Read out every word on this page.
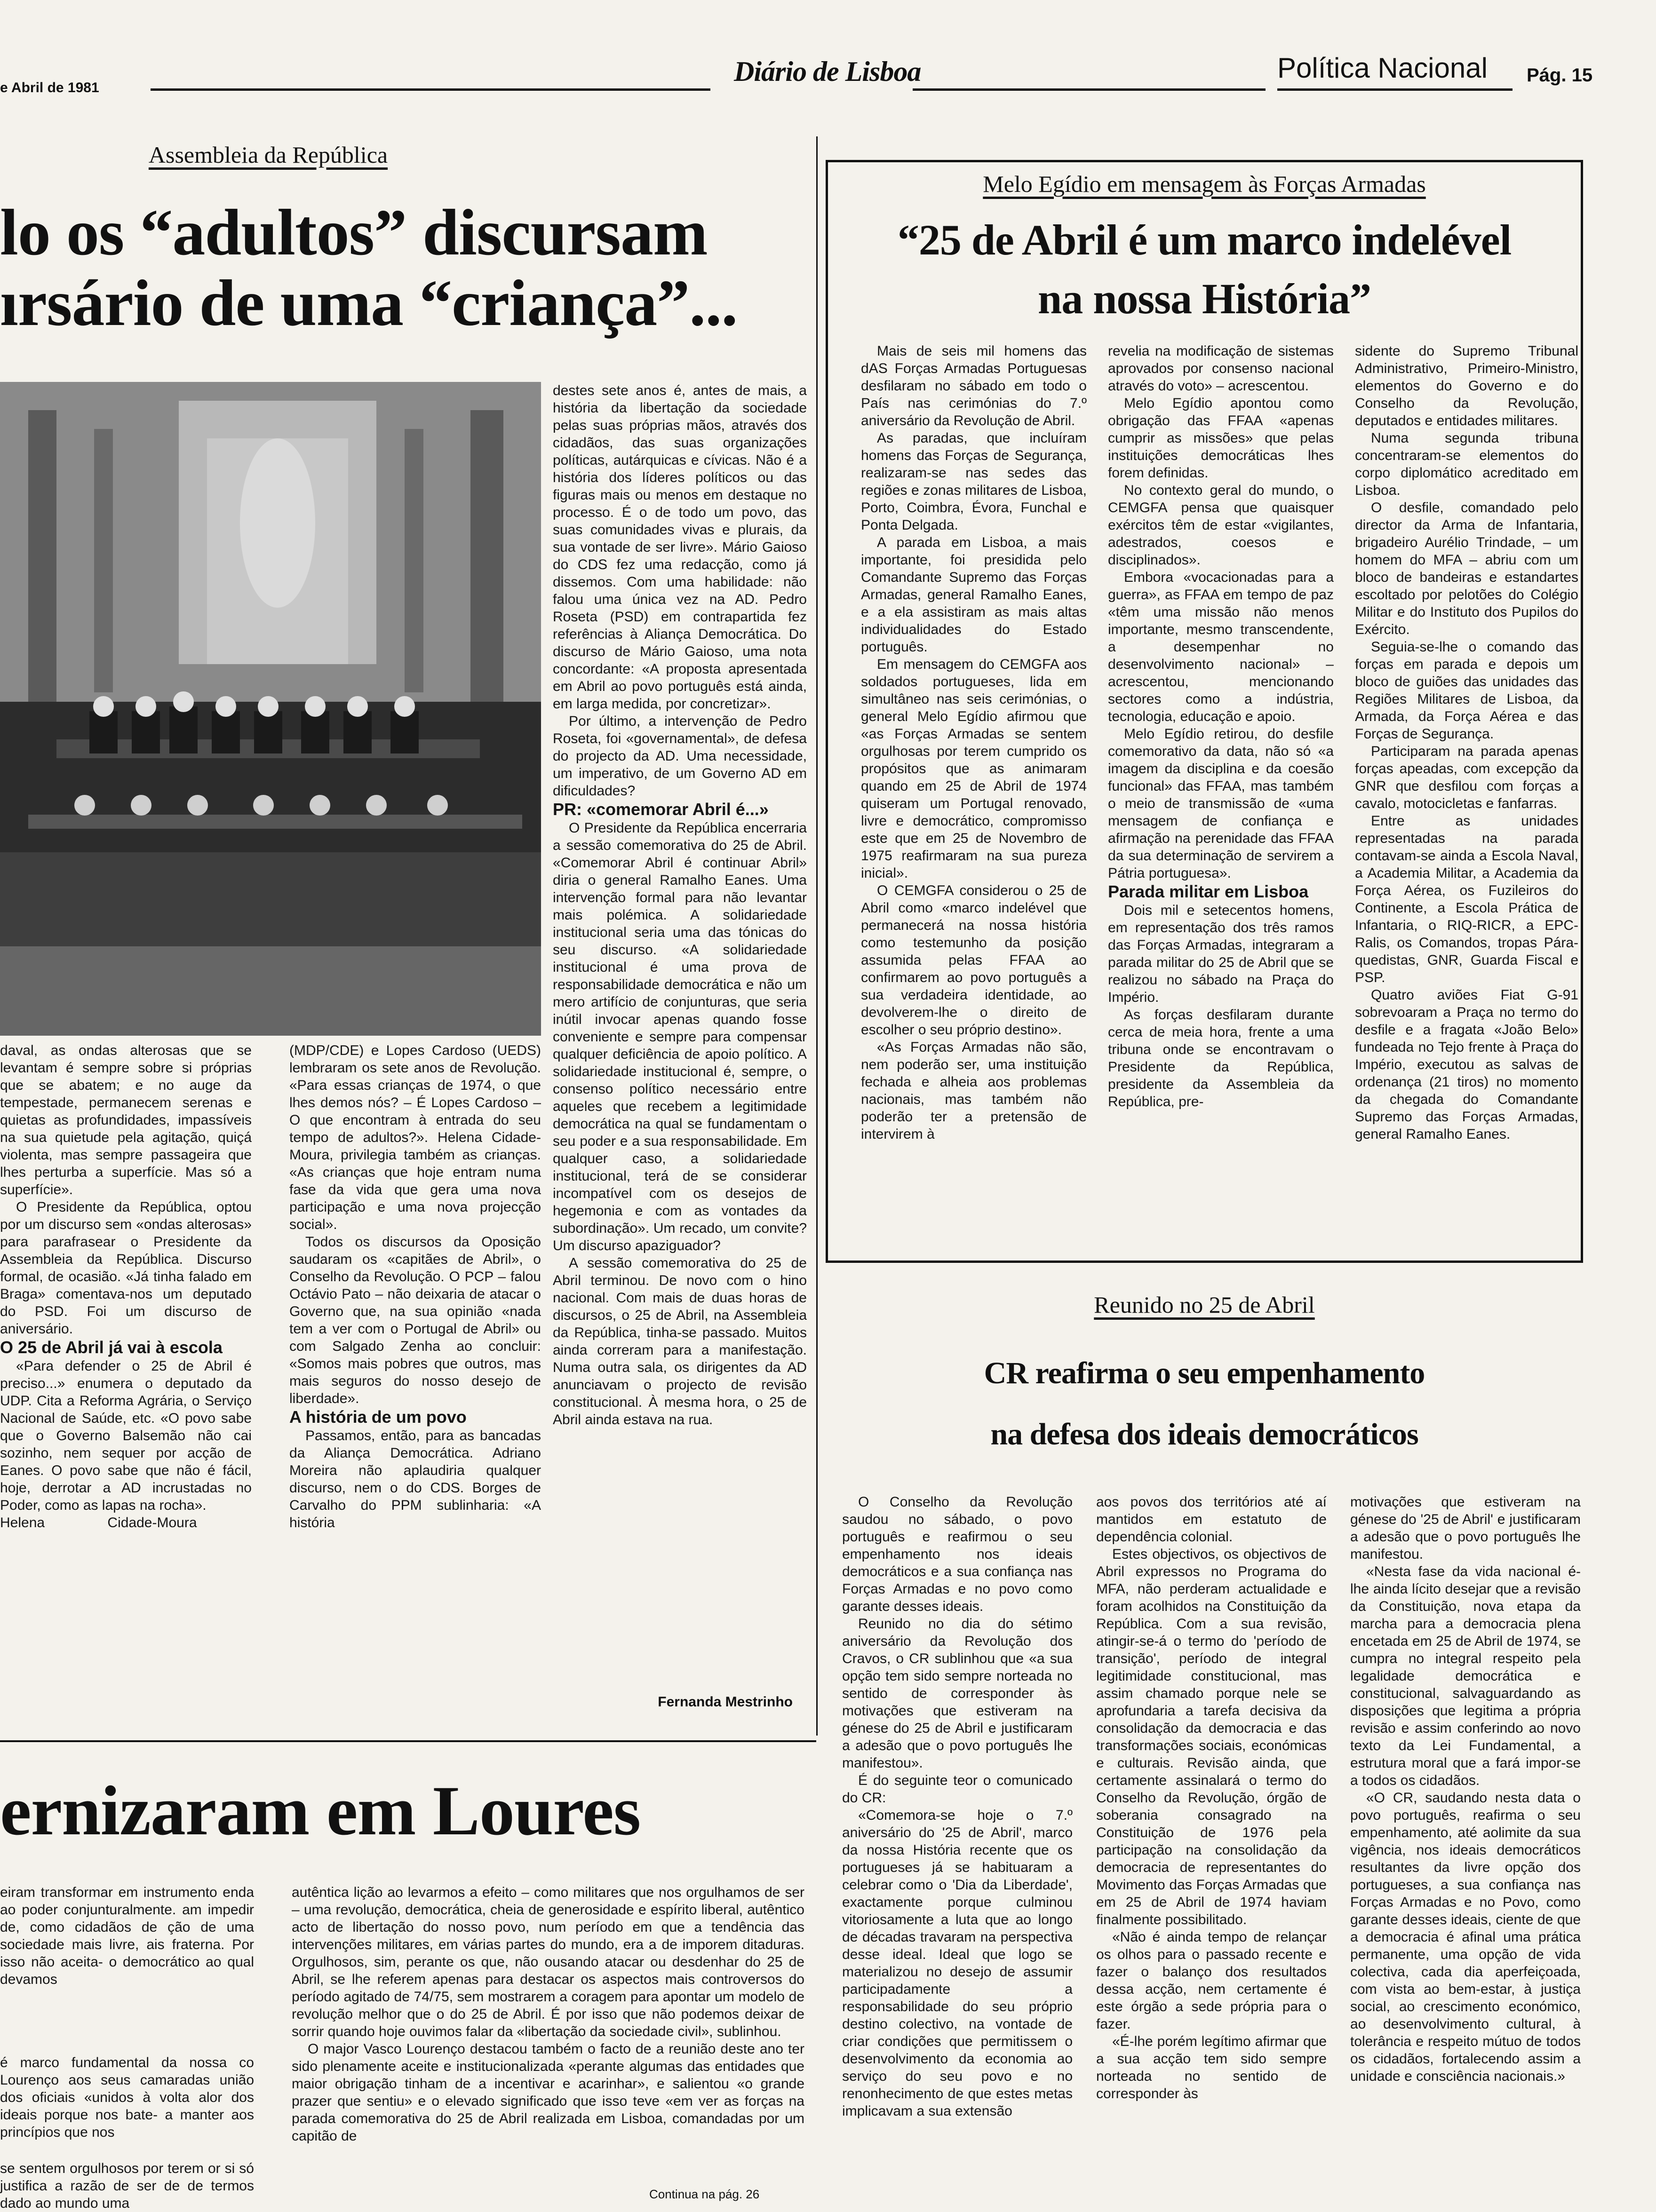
e Abril de 1981
Diário de Lisboa	Política Nacional Pág. 15
Assembleia da República
lo os “adultos” discursam
ırsário de uma “criança”...

daval, as ondas alterosas que se levantam é sempre sobre si próprias que se abatem; e no auge da tempestade, permanecem serenas e quietas as profundidades, impassíveis na sua quietude pela agitação, quiçá violenta, mas sempre passageira que lhes perturba a superfície. Mas só a superfície».

O Presidente da República, optou por um discurso sem «ondas alterosas» para parafrasear o Presidente da Assembleia da República. Discurso formal, de ocasião. «Já tinha falado em Braga» comentava-nos um deputado do PSD. Foi um discurso de aniversário.

O 25 de Abril já vai à escola

«Para defender o 25 de Abril é preciso...» enumera o deputado da UDP. Cita a Reforma Agrária, o Serviço Nacional de Saúde, etc. «O povo sabe que o Governo Balsemão não cai sozinho, nem sequer por acção de Eanes. O povo sabe que não é fácil, hoje, derrotar a AD incrustadas no Poder, como as lapas na rocha».

Helena                Cidade-Moura

(MDP/CDE) e Lopes Cardoso (UEDS) lembraram os sete anos de Revolução. «Para essas crianças de 1974, o que lhes demos nós? – É Lopes Cardoso – O que encontram à entrada do seu tempo de adultos?». Helena Cidade-Moura, privilegia também as crianças. «As crianças que hoje entram numa fase da vida que gera uma nova participação e uma nova projecção social».

Todos os discursos da Oposição saudaram os «capitães de Abril», o Conselho da Revolução. O PCP – falou Octávio Pato – não deixaria de atacar o Governo que, na sua opinião «nada tem a ver com o Portugal de Abril» ou com Salgado Zenha ao concluir: «Somos mais pobres que outros, mas mais seguros do nosso desejo de liberdade».

A história de um povo

Passamos, então, para as bancadas da Aliança Democrática. Adriano Moreira não aplaudiria qualquer discurso, nem o do CDS. Borges de Carvalho do PPM sublinharia: «A história

destes sete anos é, antes de mais, a história da libertação da sociedade pelas suas próprias mãos, através dos cidadãos, das suas organizações políticas, autárquicas e cívicas. Não é a história dos líderes políticos ou das figuras mais ou menos em destaque no processo. É o de todo um povo, das suas comunidades vivas e plurais, da sua vontade de ser livre». Mário Gaioso do CDS fez uma redacção, como já dissemos. Com uma habilidade: não falou uma única vez na AD. Pedro Roseta (PSD) em contrapartida fez referências à Aliança Democrática. Do discurso de Mário Gaioso, uma nota concordante: «A proposta apresentada em Abril ao povo português está ainda, em larga medida, por concretizar».

Por último, a intervenção de Pedro Roseta, foi «governamental», de defesa do projecto da AD. Uma necessidade, um imperativo, de um Governo AD em dificuldades?

PR: «comemorar Abril é...»

O Presidente da República encerraria a sessão comemorativa do 25 de Abril. «Comemorar Abril é continuar Abril» diria o general Ramalho Eanes. Uma intervenção formal para não levantar mais polémica. A solidariedade institucional seria uma das tónicas do seu discurso. «A solidariedade institucional é uma prova de responsabilidade democrática e não um mero artifício de conjunturas, que seria inútil invocar apenas quando fosse conveniente e sempre para compensar qualquer deficiência de apoio político. A solidariedade institucional é, sempre, o consenso político necessário entre aqueles que recebem a legitimidade democrática na qual se fundamentam o seu poder e a sua responsabilidade. Em qualquer caso, a solidariedade institucional, terá de se considerar incompatível com os desejos de hegemonia e com as vontades da subordinação». Um recado, um convite? Um discurso apaziguador?

A sessão comemorativa do 25 de Abril terminou. De novo com o hino nacional. Com mais de duas horas de discursos, o 25 de Abril, na Assembleia da República, tinha-se passado. Muitos ainda correram para a manifestação. Numa outra sala, os dirigentes da AD anunciavam o projecto de revisão constitucional. À mesma hora, o 25 de Abril ainda estava na rua.

Fernanda Mestrinho
Melo Egídio em mensagem às Forças Armadas
“25 de Abril é um marco indelével
na nossa História”

Mais de seis mil homens das dAS Forças Armadas Portuguesas desfilaram no sábado em todo o País nas cerimónias do 7.º aniversário da Revolução de Abril.

As paradas, que incluíram homens das Forças de Segurança, realizaram-se nas sedes das regiões e zonas militares de Lisboa, Porto, Coimbra, Évora, Funchal e Ponta Delgada.

A parada em Lisboa, a mais importante, foi presidida pelo Comandante Supremo das Forças Armadas, general Ramalho Eanes, e a ela assistiram as mais altas individualidades do Estado português.

Em mensagem do CEMGFA aos soldados portugueses, lida em simultâneo nas seis cerimónias, o general Melo Egídio afirmou que «as Forças Armadas se sentem orgulhosas por terem cumprido os propósitos que as animaram quando em 25 de Abril de 1974 quiseram um Portugal renovado, livre e democrático, compromisso este que em 25 de Novembro de 1975 reafirmaram na sua pureza inicial».

O CEMGFA considerou o 25 de Abril como «marco indelével que permanecerá na nossa história como testemunho da posição assumida pelas FFAA ao confirmarem ao povo português a sua verdadeira identidade, ao devolverem-lhe o direito de escolher o seu próprio destino».

«As Forças Armadas não são, nem poderão ser, uma instituição fechada e alheia aos problemas nacionais, mas também não poderão ter a pretensão de intervirem à

revelia na modificação de sistemas aprovados por consenso nacional através do voto» – acrescentou.

Melo Egídio apontou como obrigação das FFAA «apenas cumprir as missões» que pelas instituições democráticas lhes forem definidas.

No contexto geral do mundo, o CEMGFA pensa que quaisquer exércitos têm de estar «vigilantes, adestrados, coesos e disciplinados».

Embora «vocacionadas para a guerra», as FFAA em tempo de paz «têm uma missão não menos importante, mesmo transcendente, a desempenhar no desenvolvimento nacional» – acrescentou, mencionando sectores como a indústria, tecnologia, educação e apoio.

Melo Egídio retirou, do desfile comemorativo da data, não só «a imagem da disciplina e da coesão funcional» das FFAA, mas também o meio de transmissão de «uma mensagem de confiança e afirmação na perenidade das FFAA da sua determinação de servirem a Pátria portuguesa».

Parada militar em Lisboa

Dois mil e setecentos homens, em representação dos três ramos das Forças Armadas, integraram a parada militar do 25 de Abril que se realizou no sábado na Praça do Império.

As forças desfilaram durante cerca de meia hora, frente a uma tribuna onde se encontravam o Presidente da República, presidente da Assembleia da República, pre-

sidente do Supremo Tribunal Administrativo, Primeiro-Ministro, elementos do Governo e do Conselho da Revolução, deputados e entidades militares.

Numa segunda tribuna concentraram-se elementos do corpo diplomático acreditado em Lisboa.

O desfile, comandado pelo director da Arma de Infantaria, brigadeiro Aurélio Trindade, – um homem do MFA – abriu com um bloco de bandeiras e estandartes escoltado por pelotões do Colégio Militar e do Instituto dos Pupilos do Exército.

Seguia-se-lhe o comando das forças em parada e depois um bloco de guiões das unidades das Regiões Militares de Lisboa, da Armada, da Força Aérea e das Forças de Segurança.

Participaram na parada apenas forças apeadas, com excepção da GNR que desfilou com forças a cavalo, motocicletas e fanfarras.

Entre as unidades representadas na parada contavam-se ainda a Escola Naval, a Academia Militar, a Academia da Força Aérea, os Fuzileiros do Continente, a Escola Prática de Infantaria, o RIQ-RICR, a EPC-Ralis, os Comandos, tropas Pára-quedistas, GNR, Guarda Fiscal e PSP.

Quatro aviões Fiat G-91 sobrevoaram a Praça no termo do desfile e a fragata «João Belo» fundeada no Tejo frente à Praça do Império, executou as salvas de ordenança (21 tiros) no momento da chegada do Comandante Supremo das Forças Armadas, general Ramalho Eanes.

Reunido no 25 de Abril
CR reafirma o seu empenhamento
na defesa dos ideais democráticos

O Conselho da Revolução saudou no sábado, o povo português e reafirmou o seu empenhamento nos ideais democráticos e a sua confiança nas Forças Armadas e no povo como garante desses ideais.

Reunido no dia do sétimo aniversário da Revolução dos Cravos, o CR sublinhou que «a sua opção tem sido sempre norteada no sentido de corresponder às motivações que estiveram na génese do 25 de Abril e justificaram a adesão que o povo português lhe manifestou».

É do seguinte teor o comunicado do CR:

«Comemora-se hoje o 7.º aniversário do '25 de Abril', marco da nossa História recente que os portugueses já se habituaram a celebrar como o 'Dia da Liberdade', exactamente porque culminou vitoriosamente a luta que ao longo de décadas travaram na perspectiva desse ideal. Ideal que logo se materializou no desejo de assumir participadamente a responsabilidade do seu próprio destino colectivo, na vontade de criar condições que permitissem o desenvolvimento da economia ao serviço do seu povo e no renonhecimento de que estes metas implicavam a sua extensão

aos povos dos territórios até aí mantidos em estatuto de dependência colonial.

Estes objectivos, os objectivos de Abril expressos no Programa do MFA, não perderam actualidade e foram acolhidos na Constituição da República. Com a sua revisão, atingir-se-á o termo do 'período de transição', período de integral legitimidade constitucional, mas assim chamado porque nele se aprofundaria a tarefa decisiva da consolidação da democracia e das transformações sociais, económicas e culturais. Revisão ainda, que certamente assinalará o termo do Conselho da Revolução, órgão de soberania consagrado na Constituição de 1976 pela participação na consolidação da democracia de representantes do Movimento das Forças Armadas que em 25 de Abril de 1974 haviam finalmente possibilitado.

«Não é ainda tempo de relançar os olhos para o passado recente e fazer o balanço dos resultados dessa acção, nem certamente é este órgão a sede própria para o fazer.

«É-lhe porém legítimo afirmar que a sua acção tem sido sempre norteada no sentido de corresponder às

motivações que estiveram na génese do '25 de Abril' e justificaram a adesão que o povo português lhe manifestou.

«Nesta fase da vida nacional é-lhe ainda lícito desejar que a revisão da Constituição, nova etapa da marcha para a democracia plena encetada em 25 de Abril de 1974, se cumpra no integral respeito pela legalidade democrática e constitucional, salvaguardando as disposições que legitima a própria revisão e assim conferindo ao novo texto da Lei Fundamental, a estrutura moral que a fará impor-se a todos os cidadãos.

«O CR, saudando nesta data o povo português, reafirma o seu empenhamento, até aolimite da sua vigência, nos ideais democráticos resultantes da livre opção dos portugueses, a sua confiança nas Forças Armadas e no Povo, como garante desses ideais, ciente de que a democracia é afinal uma prática permanente, uma opção de vida colectiva, cada dia aperfeiçoada, com vista ao bem-estar, à justiça social, ao crescimento económico, ao desenvolvimento cultural, à tolerância e respeito mútuo de todos os cidadãos, fortalecendo assim a unidade e consciência nacionais.»

ernizaram em Loures

eiram transformar em instrumento enda ao poder conjunturalmente. am impedir de, como cidadãos de ção de uma sociedade mais livre, ais fraterna. Por isso não aceita- o democrático ao qual devamos

é marco fundamental da nossa co Lourenço aos seus camaradas união dos oficiais «unidos à volta alor dos ideais porque nos bate- a manter aos princípios que nos

se sentem orgulhosos por terem or si só justifica a razão de ser de de termos dado ao mundo uma

autêntica lição ao levarmos a efeito – como militares que nos orgulhamos de ser – uma revolução, democrática, cheia de generosidade e espírito liberal, autêntico acto de libertação do nosso povo, num período em que a tendência das intervenções militares, em várias partes do mundo, era a de imporem ditaduras. Orgulhosos, sim, perante os que, não ousando atacar ou desdenhar do 25 de Abril, se lhe referem apenas para destacar os aspectos mais controversos do período agitado de 74/75, sem mostrarem a coragem para apontar um modelo de revolução melhor que o do 25 de Abril. É por isso que não podemos deixar de sorrir quando hoje ouvimos falar da «libertação da sociedade civil», sublinhou.

O major Vasco Lourenço destacou também o facto de a reunião deste ano ter sido plenamente aceite e institucionalizada «perante algumas das entidades que maior obrigação tinham de a incentivar e acarinhar», e salientou «o grande prazer que sentiu» e o elevado significado que isso teve «em ver as forças na parada comemorativa do 25 de Abril realizada em Lisboa, comandadas por um capitão de

Continua na pág. 26
